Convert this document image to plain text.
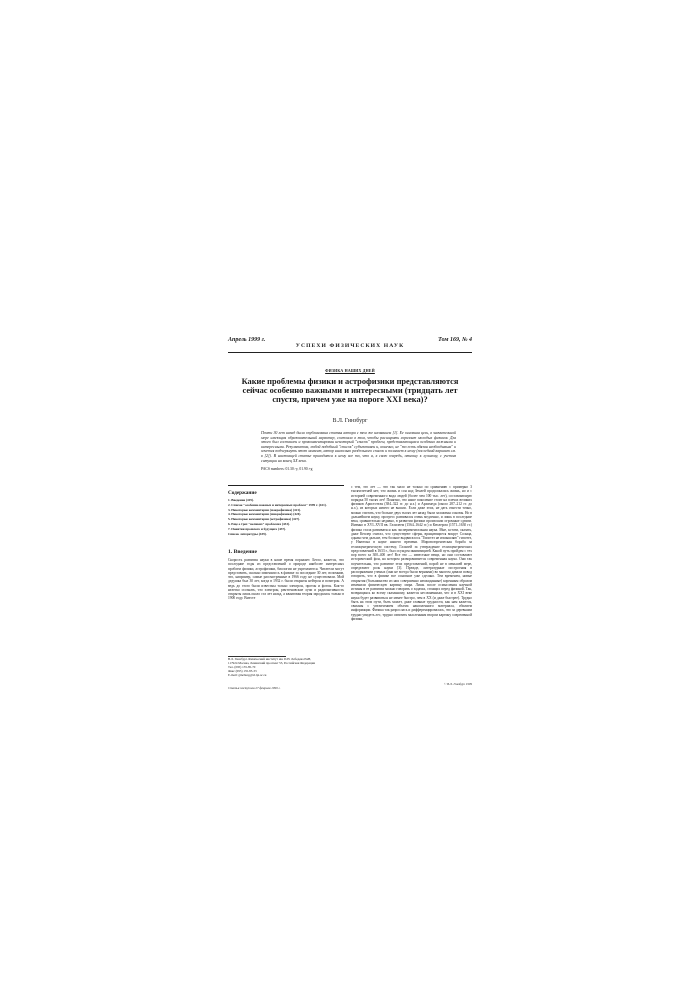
Апрель 1999 г.
УСПЕХИ ФИЗИЧЕСКИХ НАУК
Том 169, № 4
ФИЗИКА НАШИХ ДНЕЙ
Какие проблемы физики и астрофизики представляются сейчас особенно важными и интересными (тридцать лет спустя, причем уже на пороге XXI века)?
В.Л. Гинзбург
Почти 30 лет назад была опубликована статья автора с тем же названием [1]. Ее основная цель, в значительной мере имеющая образовательный характер, состояла в том, чтобы расширить горизонт молодых физиков. Для этого был составлен и прокомментирован некоторый "список" проблем, представляющихся особенно важными и интересными. Результатом, любой подобный "список" субъективен и, конечно, не "то есть обязан необходимым" и хочется подчеркнуть этот момент, автор нисколько раздельного список и полагает к нему (последний вариант см. в [2]). В настоящей статье приводится к нему все то, что я, в свою очередь, отношу к лучшему, с учетом ситуации на конец XX века.
PACS numbers: 01.30.-y, 01.90.+g
Содержание
1. Введение (419).
2. Список "особенно важных и интересных проблем" 1999 г. (421).
3. Некоторые комментарии (макрофизика) (421).
4. Некоторые комментарии (микрофизика) (424).
5. Некоторые комментарии (астрофизика) (427).
6. Еще о трех "великих" проблемах (433).
7. Понятия прошлого и будущего (437).
Список литературы (439).
1. Введение

Скорость развития науки в наше время поражает. Бегло, кажется, что последние годы из представлений о природе наиболее интересных проблем физики, астрофизики, биологии не укрепляются. Читатели могут представить, сколько изменилось в физике за последние 30 лет, вспомнив, что, например, самые рассмотренные в 1966 году не существовали. Мой дедушка был 30 лет, когда в 1932 г. были открыты нейтрон и позитрон. А ведь до этого были известны только электрон, протон и фотон. Как-то нелегко осознать, что электрон, рентгеновские лучи и радиоактивность открыты лишь около ста лет назад, а квантовая теория зародилась только в 1900 году. Вместе

В.Л. Гинзбург. Физический институт им. П.Н. Лебедева РАН,
117924 Москва, Ленинский проспект 53, Российская Федерация
Тел. (095) 135-85-70
Факс (095) 135-85-33
E-mail: ginzburg@td.lpi.ac.ru
Статья поступила 27 февраля 1999 г.

с тем, это лет — что так мало не только по сравнению с примерно 3 тысячелетней нет, что жизнь и сон над Землей продолжалась жизнь, но и с историей современного вида людей (более чем 100 тыс. лет), составляющую порядка 50 тысяч лет! Понятно, что наше поколение стоит на плечах великих физиков Аристотеля (384–322 гг. до н.э.) и Архимеда (около 287–212 гг. до н.э.), из которых ничего не вышло. Если даже этих, не дать отнести точно, можно считать, что больше двух тысяч лет назад были заложены основы. Но в дальнейшем науку, прогресс развивался очень медленно, и лишь в последние века, сравнительно недавно, в развитии физики произошли огромные сдвиги. Именно в XVI–XVII вв. Галилеем (1564–1642 гг.) и Кеплером (1571–1630 гг.) физика стала развиваться как экспериментальная наука. Мне, кстати, сказать, даже Кеплер считал, что существуют сферы, вращающиеся вокруг Солнца, однако чем дальше, тем больше выдвигалось "Гипотез не измышляю" гипотез, у Ньютона в науке нашего времени. Мировоззренческая борьба за гелиоцентрическую систему, Галилей за утверждение гелиоцентрических представлений в 1633 г., был осужден инквизицией. Какой путь пройден с тех пор всего за 300–400 лет! Все это — известные вещи, но они составляют исторический фон, на котором разворачивается современная наука. Они так поучительны, что развитие этих представлений, порой не в меньшей мере, определяют роль науки [3]. Прежде, литературные построения в распоряжении ученых (они не всегда были верными) во многом давали повод говорить, что в физике все основное уже сделано. Тем временем, новые открытия (большинство из них совершенно неожиданные) коренным образом изменили физическую картину мира. Лишь после осмысления научной истины в ее развитии можно говорить о задачах, стоящих перед физикой. Так, возвращаясь ко всему сказанному, кажется несомненным, что и в XXI веке наука будет развиваться не менее быстро, чем в XX (и даже быстрее). Трудно быть на этом пути, быть может, даже главные трудности, как нам кажется, связаны с увеличением объема накопленного материала, обилием информации. Физика так разрослась и дифференцировалась, что за деревьями трудно увидеть лес, трудно охватить мысленным взором картину современной физики.

© В.Л. Гинзбург 1999
